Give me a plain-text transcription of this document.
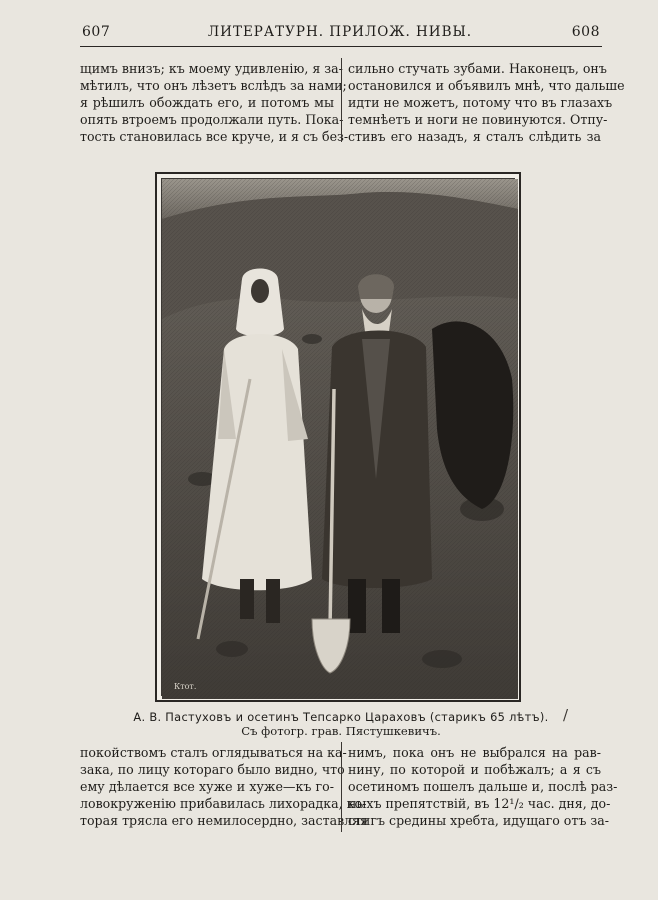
607	ЛИТЕРАТУРН. ПРИЛОЖ. НИВЫ.	608
щимъ внизъ; къ моему удивленію, я за-
мѣтилъ, что онъ лѣзетъ вслѣдъ за нами;
я рѣшилъ обождать его, и потомъ мы
опять втроемъ продолжали путь. Пока-
тость становилась все круче, и я съ без-
сильно стучать зубами. Наконецъ, онъ
остановился и объявилъ мнѣ, что дальше
идти не можетъ, потому что въ глазахъ
темнѣетъ и ноги не повинуются. Отпу-
стивъ его назадъ, я сталъ слѣдить за
Ктот.
А. В. Пастуховъ и осетинъ Тепсарко Цараховъ (старикъ 65 лѣтъ).
Съ фотогр. грав. Пястушкевичъ.
/
покойствомъ сталъ оглядываться на ка-
зака, по лицу котораго было видно, что
ему дѣлается все хуже и хуже—къ го-
ловокруженію прибавилась лихорадка, ко-
торая трясла его немилосердно, заставляя
нимъ, пока онъ не выбрался на рав-
нину, по которой и побѣжалъ; а я съ
осетиномъ пошелъ дальше и, послѣ раз-
ныхъ препятствій, въ 12¹/₂ час. дня, до-
стигъ средины хребта, идущаго отъ за-
